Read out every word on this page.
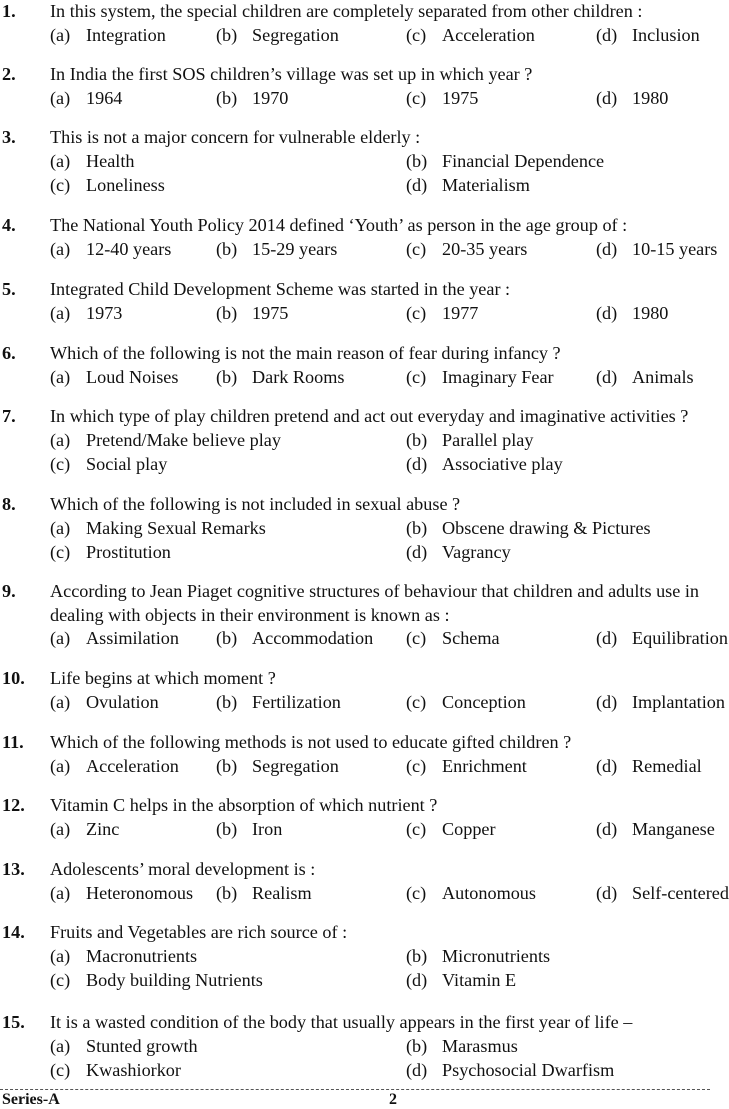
1. In this system, the special children are completely separated from other children :
(a) Integration	(b) Segregation	(c) Acceleration	(d) Inclusion
2. In India the first SOS children’s village was set up in which year ?
(a) 1964	(b) 1970	(c) 1975	(d) 1980
3. This is not a major concern for vulnerable elderly :
(a) Health	(b) Financial Dependence
(c) Loneliness	(d) Materialism
4. The National Youth Policy 2014 defined ‘Youth’ as person in the age group of :
(a) 12-40 years (b) 15-29 years	(c) 20-35 years	(d) 10-15 years
5. Integrated Child Development Scheme was started in the year :
(a) 1973	(b) 1975	(c) 1977	(d) 1980
6. Which of the following is not the main reason of fear during infancy ?
(a) Loud Noises (b) Dark Rooms	(c) Imaginary Fear (d) Animals
7. In which type of play children pretend and act out everyday and imaginative activities ?
(a) Pretend/Make believe play	(b) Parallel play
(c) Social play	(d) Associative play
8. Which of the following is not included in sexual abuse ?
(a) Making Sexual Remarks	(b) Obscene drawing & Pictures
(c) Prostitution	(d) Vagrancy
9. According to Jean Piaget cognitive structures of behaviour that children and adults use in
dealing with objects in their environment is known as :
(a) Assimilation (b) Accommodation (c) Schema	(d) Equilibration
10. Life begins at which moment ?
(a) Ovulation	(b) Fertilization	(c) Conception	(d) Implantation
11. Which of the following methods is not used to educate gifted children ?
(a) Acceleration (b) Segregation	(c) Enrichment	(d) Remedial
12. Vitamin C helps in the absorption of which nutrient ?
(a) Zinc	(b) Iron	(c) Copper	(d) Manganese
13. Adolescents’ moral development is :
(a) Heteronomous (b) Realism	(c) Autonomous	(d) Self-centered
14. Fruits and Vegetables are rich source of :
(a) Macronutrients	(b) Micronutrients
(c) Body building Nutrients	(d) Vitamin E
15. It is a wasted condition of the body that usually appears in the first year of life –
(a) Stunted growth	(b) Marasmus
(c) Kwashiorkor	(d) Psychosocial Dwarfism
Series-A	2
